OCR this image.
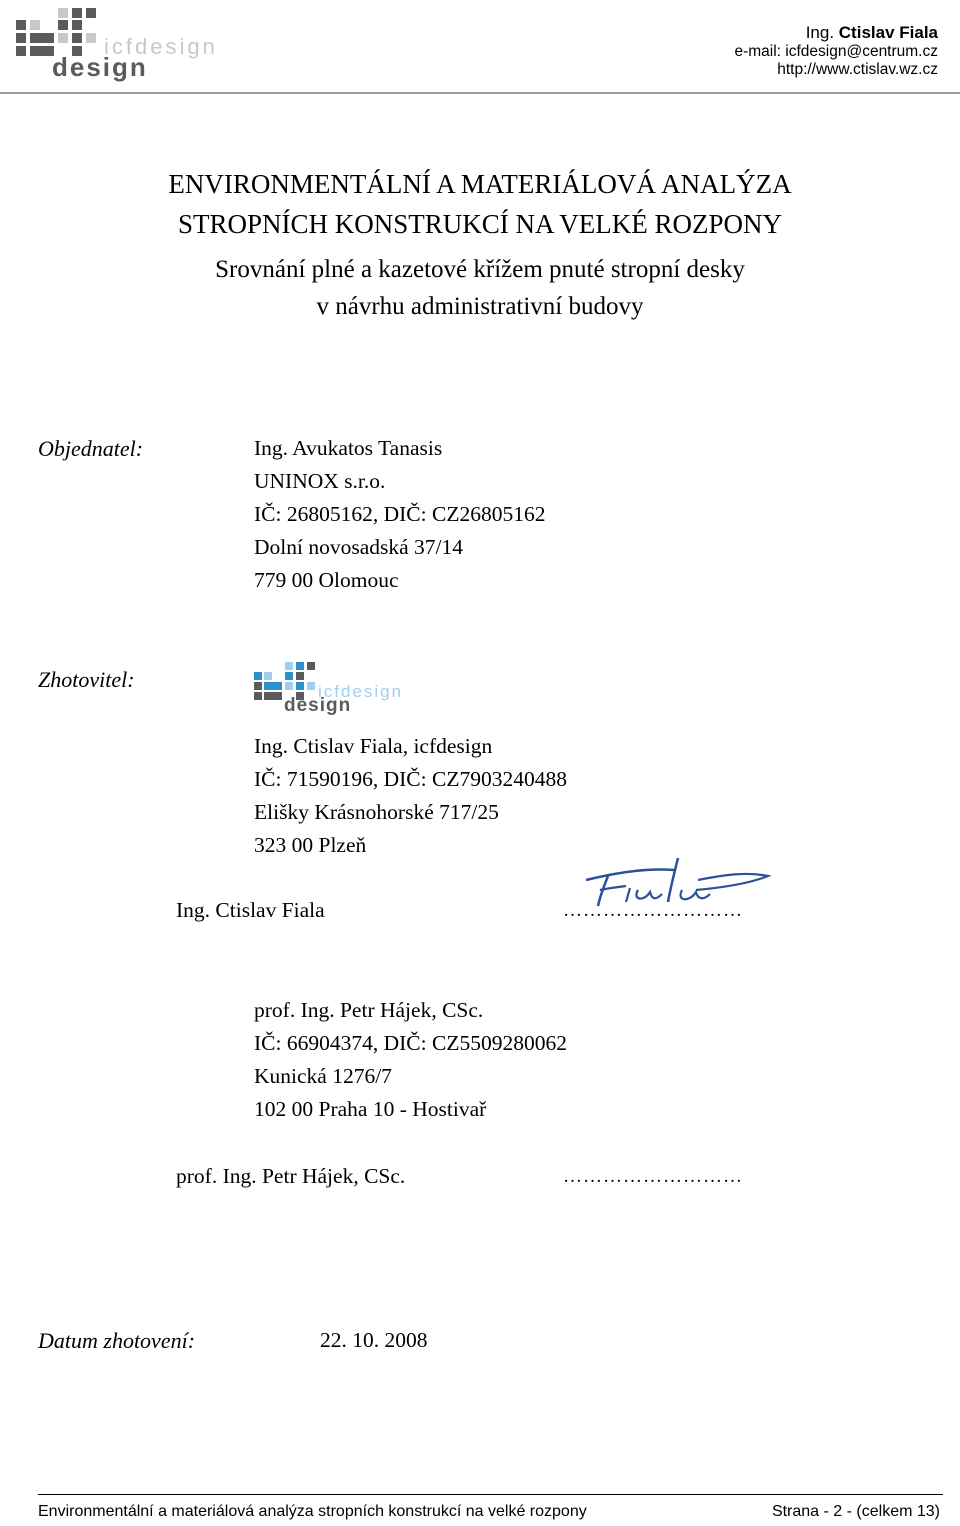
icfdesign
design
Ing. Ctislav Fiala
e-mail: icfdesign@centrum.cz
http://www.ctislav.wz.cz
ENVIRONMENTÁLNÍ A MATERIÁLOVÁ ANALÝZA
STROPNÍCH KONSTRUKCÍ NA VELKÉ ROZPONY
Srovnání plné a kazetové křížem pnuté stropní desky
v návrhu administrativní budovy
Objednatel:	Ing. Avukatos Tanasis
UNINOX s.r.o.
IČ: 26805162, DIČ: CZ26805162
Dolní novosadská 37/14
779 00 Olomouc
Zhotovitel:	icfdesign
design
Ing. Ctislav Fiala, icfdesign
IČ: 71590196, DIČ: CZ7903240488
Elišky Krásnohorské 717/25
323 00 Plzeň
Ing. Ctislav Fiala	………………………
prof. Ing. Petr Hájek, CSc.
IČ: 66904374, DIČ: CZ5509280062
Kunická 1276/7
102 00 Praha 10 - Hostivař
prof. Ing. Petr Hájek, CSc.	………………………
Datum zhotovení:	22. 10. 2008
Environmentální a materiálová analýza stropních konstrukcí na velké rozpony	Strana - 2 - (celkem 13)
